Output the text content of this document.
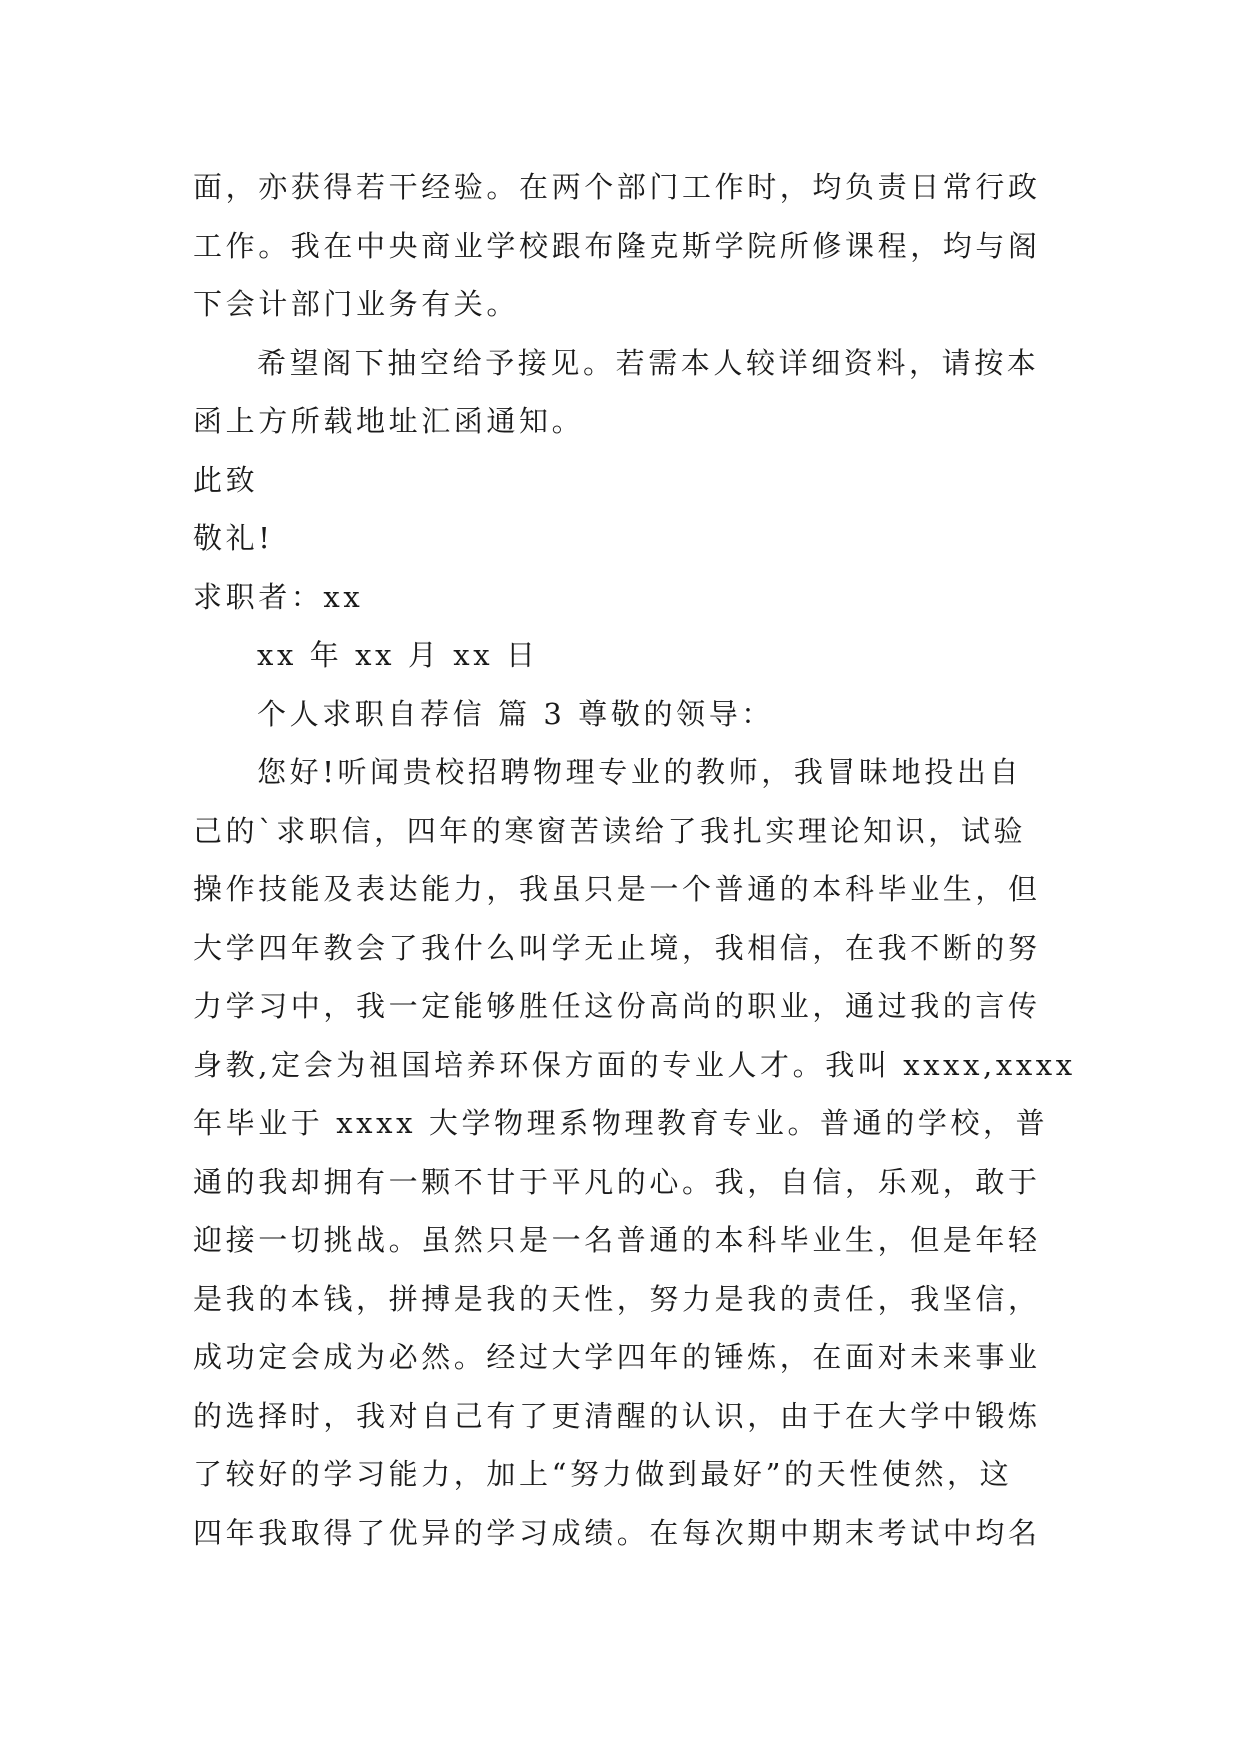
面，亦获得若干经验。在两个部门工作时，均负责日常行政
工作。我在中央商业学校跟布隆克斯学院所修课程，均与阁
下会计部门业务有关。
希望阁下抽空给予接见。若需本人较详细资料，请按本
函上方所载地址汇函通知。
此致
敬礼!
求职者：xx
xx 年 xx 月 xx 日
个人求职自荐信 篇 3 尊敬的领导：
您好!听闻贵校招聘物理专业的教师，我冒昧地投出自
己的`求职信，四年的寒窗苦读给了我扎实理论知识，试验
操作技能及表达能力，我虽只是一个普通的本科毕业生，但
大学四年教会了我什么叫学无止境，我相信，在我不断的努
力学习中，我一定能够胜任这份高尚的职业，通过我的言传
身教,定会为祖国培养环保方面的专业人才。我叫 xxxx,xxxx
年毕业于 xxxx 大学物理系物理教育专业。普通的学校，普
通的我却拥有一颗不甘于平凡的心。我，自信，乐观，敢于
迎接一切挑战。虽然只是一名普通的本科毕业生，但是年轻
是我的本钱，拼搏是我的天性，努力是我的责任，我坚信，
成功定会成为必然。经过大学四年的锤炼，在面对未来事业
的选择时，我对自己有了更清醒的认识，由于在大学中锻炼
了较好的学习能力，加上“努力做到最好”的天性使然，这
四年我取得了优异的学习成绩。在每次期中期末考试中均名
